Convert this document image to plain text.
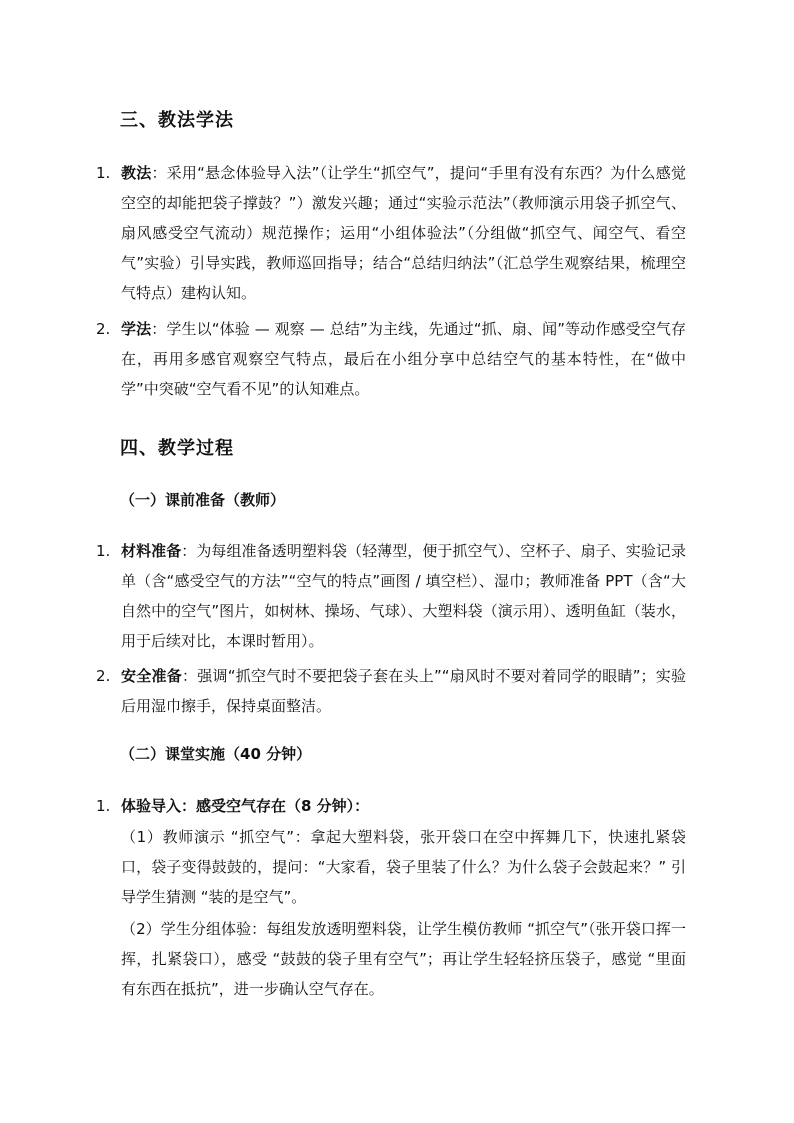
三、教法学法
1. 教法：采用“悬念体验导入法”（让学生“抓空气”，提问“手里有没有东西？为什么感觉空空的却能把袋子撑鼓？”）激发兴趣；通过“实验示范法”（教师演示用袋子抓空气、扇风感受空气流动）规范操作；运用“小组体验法”（分组做“抓空气、闻空气、看空气”实验）引导实践，教师巡回指导；结合“总结归纳法”（汇总学生观察结果，梳理空气特点）建构认知。
2. 学法：学生以“体验 — 观察 — 总结”为主线，先通过“抓、扇、闻”等动作感受空气存在，再用多感官观察空气特点，最后在小组分享中总结空气的基本特性，在“做中学”中突破“空气看不见”的认知难点。
四、教学过程
（一）课前准备（教师）
1. 材料准备：为每组准备透明塑料袋（轻薄型，便于抓空气）、空杯子、扇子、实验记录单（含“感受空气的方法”“空气的特点”画图 / 填空栏）、湿巾；教师准备 PPT（含“大自然中的空气”图片，如树林、操场、气球）、大塑料袋（演示用）、透明鱼缸（装水，用于后续对比，本课时暂用）。
2. 安全准备：强调“抓空气时不要把袋子套在头上”“扇风时不要对着同学的眼睛”；实验后用湿巾擦手，保持桌面整洁。
（二）课堂实施（40 分钟）
1. 体验导入：感受空气存在（8 分钟）：
（1）教师演示 “抓空气”：拿起大塑料袋，张开袋口在空中挥舞几下，快速扎紧袋口，袋子变得鼓鼓的，提问：“大家看，袋子里装了什么？为什么袋子会鼓起来？” 引导学生猜测 “装的是空气”。
（2）学生分组体验：每组发放透明塑料袋，让学生模仿教师 “抓空气”（张开袋口挥一挥，扎紧袋口），感受 “鼓鼓的袋子里有空气”；再让学生轻轻挤压袋子，感觉 “里面有东西在抵抗”，进一步确认空气存在。
